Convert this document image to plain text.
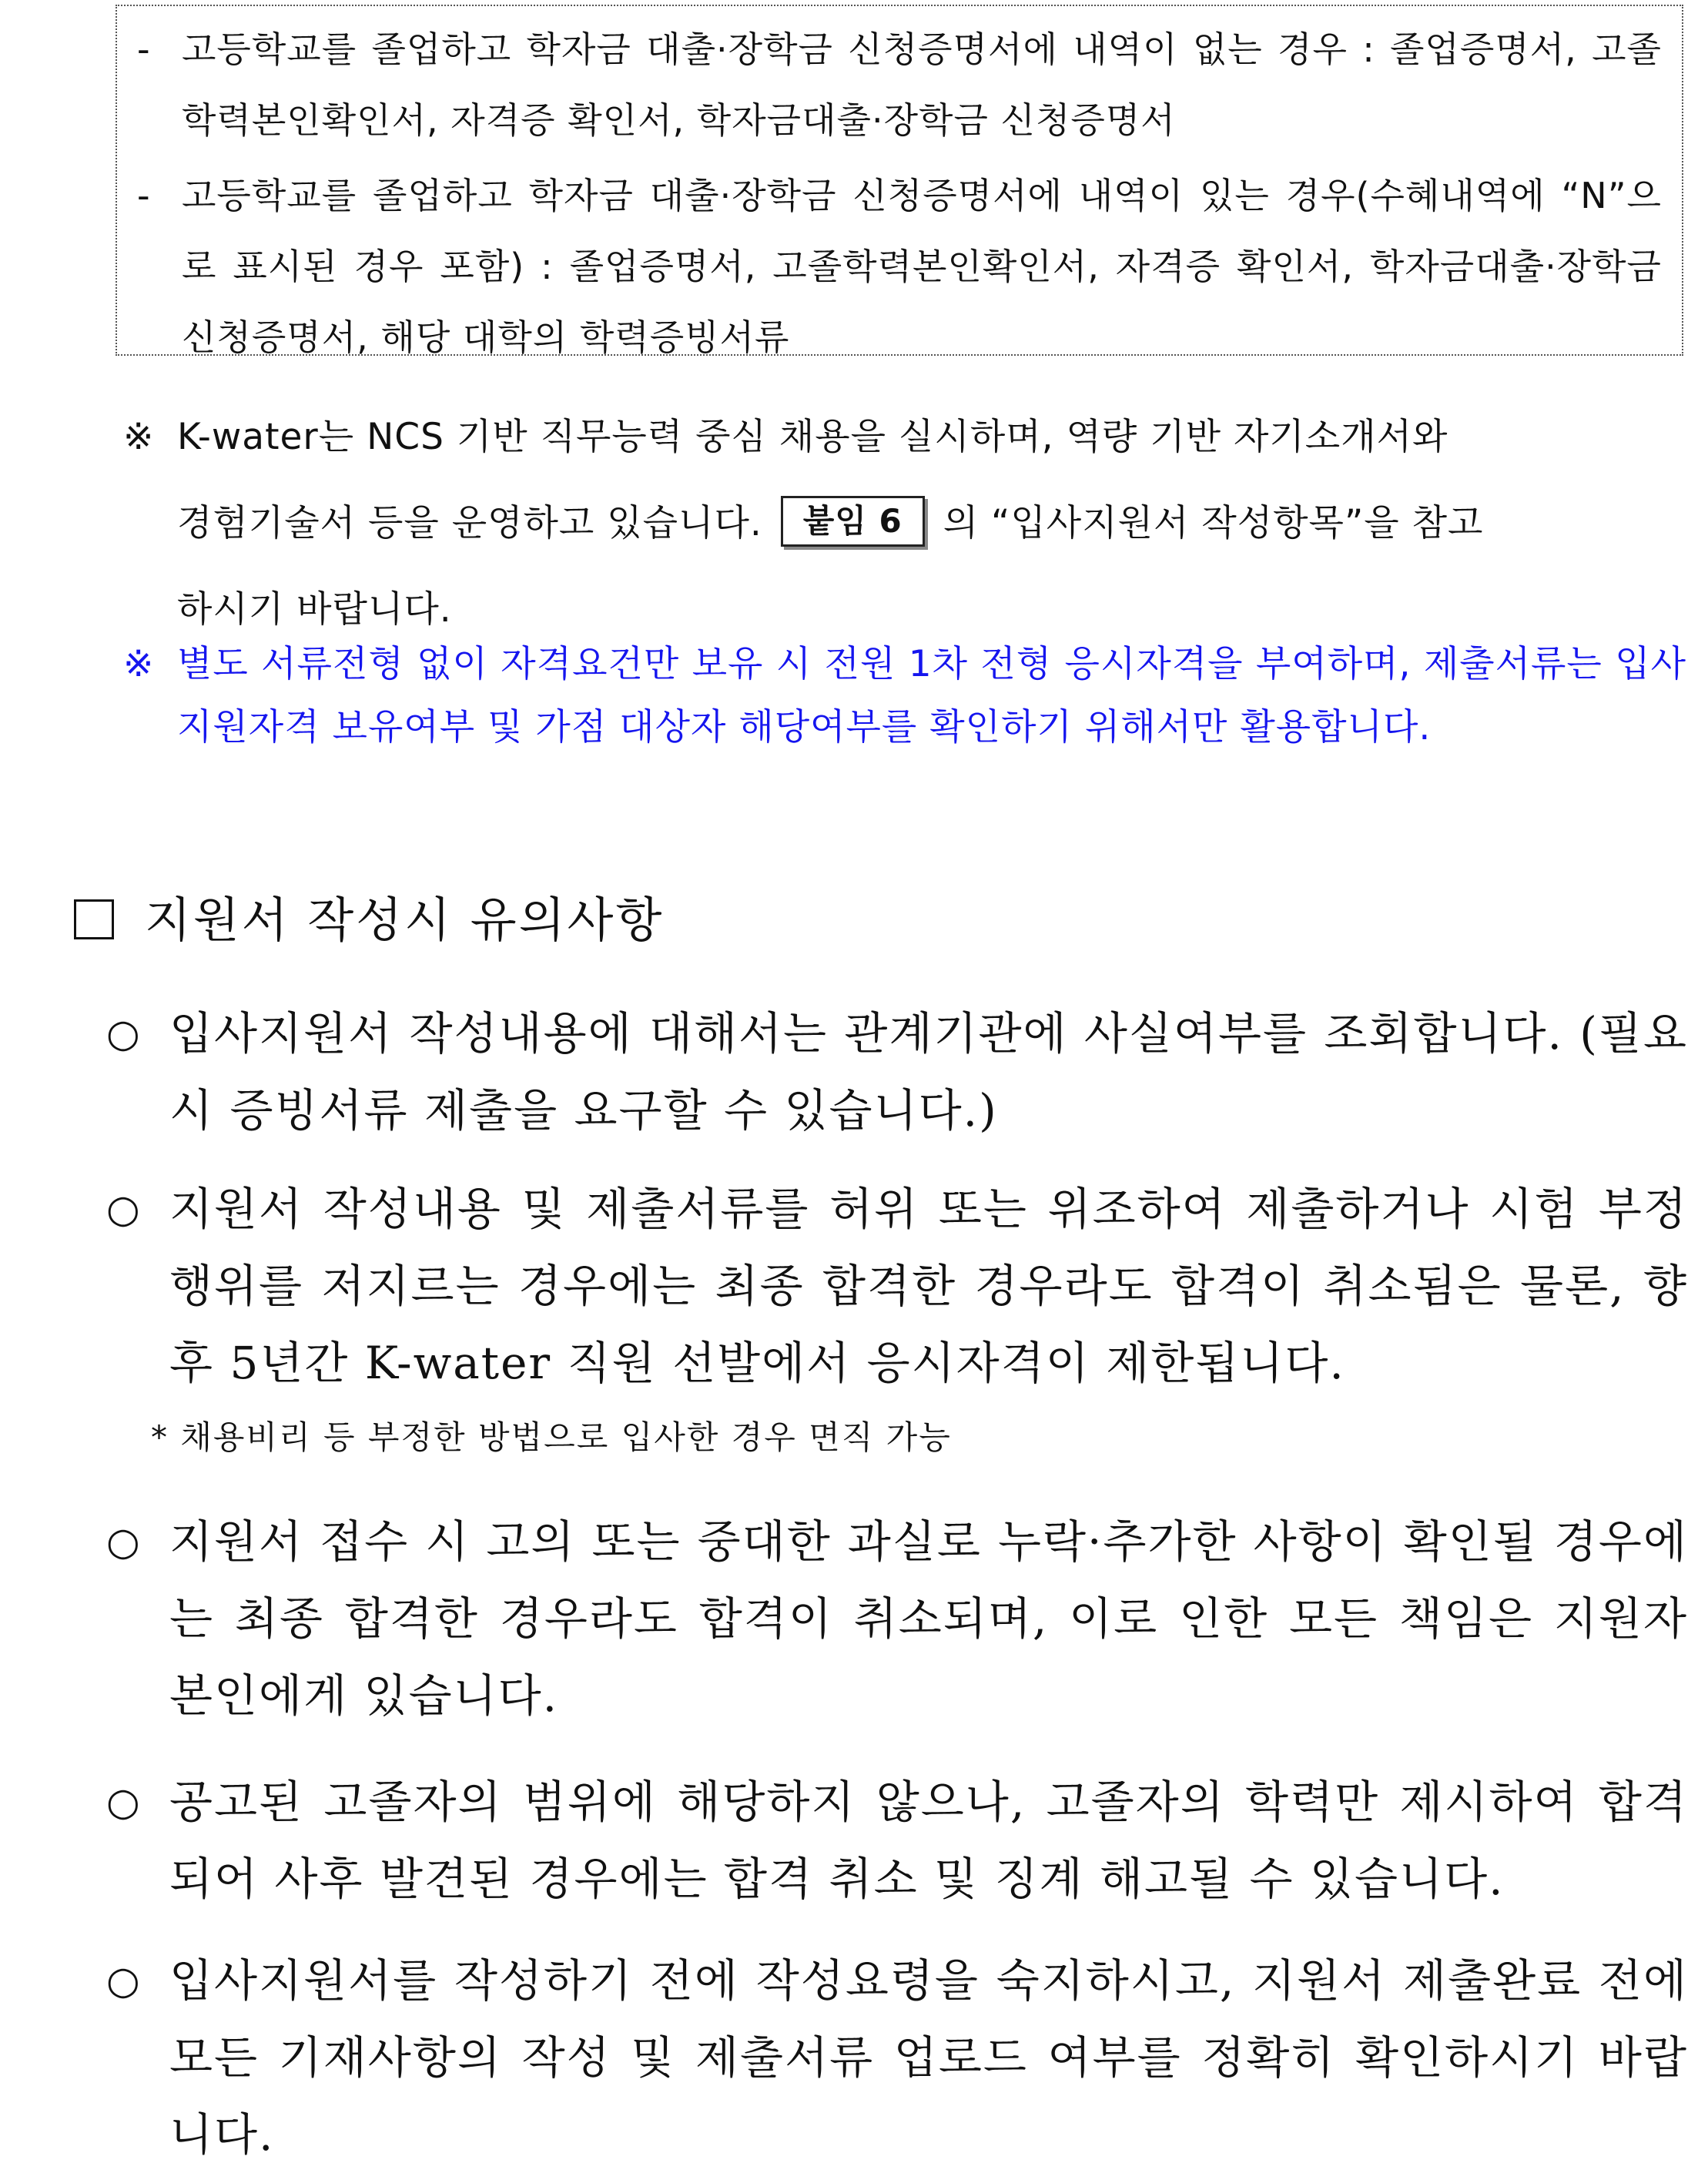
- 고등학교를 졸업하고 학자금 대출·장학금 신청증명서에 내역이 없는 경우 : 졸업증명서, 고졸학력본인확인서, 자격증 확인서, 학자금대출·장학금 신청증명서
- 고등학교를 졸업하고 학자금 대출·장학금 신청증명서에 내역이 있는 경우(수혜내역에 “N”으로 표시된 경우 포함) : 졸업증명서, 고졸학력본인확인서, 자격증 확인서, 학자금대출·장학금 신청증명서, 해당 대학의 학력증빙서류
※ K-water는 NCS 기반 직무능력 중심 채용을 실시하며, 역량 기반 자기소개서와
경험기술서 등을 운영하고 있습니다. 붙임 6 의 “입사지원서 작성항목”을 참고
하시기 바랍니다.
※ 별도 서류전형 없이 자격요건만 보유 시 전원 1차 전형 응시자격을 부여하며, 제출서류는 입사지원자격 보유여부 및 가점 대상자 해당여부를 확인하기 위해서만 활용합니다.
지원서 작성시 유의사항
○ 입사지원서 작성내용에 대해서는 관계기관에 사실여부를 조회합니다. (필요시 증빙서류 제출을 요구할 수 있습니다.)
○ 지원서 작성내용 및 제출서류를 허위 또는 위조하여 제출하거나 시험 부정행위를 저지르는 경우에는 최종 합격한 경우라도 합격이 취소됨은 물론, 향후 5년간 K-water 직원 선발에서 응시자격이 제한됩니다.
* 채용비리 등 부정한 방법으로 입사한 경우 면직 가능
○ 지원서 접수 시 고의 또는 중대한 과실로 누락·추가한 사항이 확인될 경우에는 최종 합격한 경우라도 합격이 취소되며, 이로 인한 모든 책임은 지원자 본인에게 있습니다.
○ 공고된 고졸자의 범위에 해당하지 않으나, 고졸자의 학력만 제시하여 합격되어 사후 발견된 경우에는 합격 취소 및 징계 해고될 수 있습니다.
○ 입사지원서를 작성하기 전에 작성요령을 숙지하시고, 지원서 제출완료 전에 모든 기재사항의 작성 및 제출서류 업로드 여부를 정확히 확인하시기 바랍니다.
